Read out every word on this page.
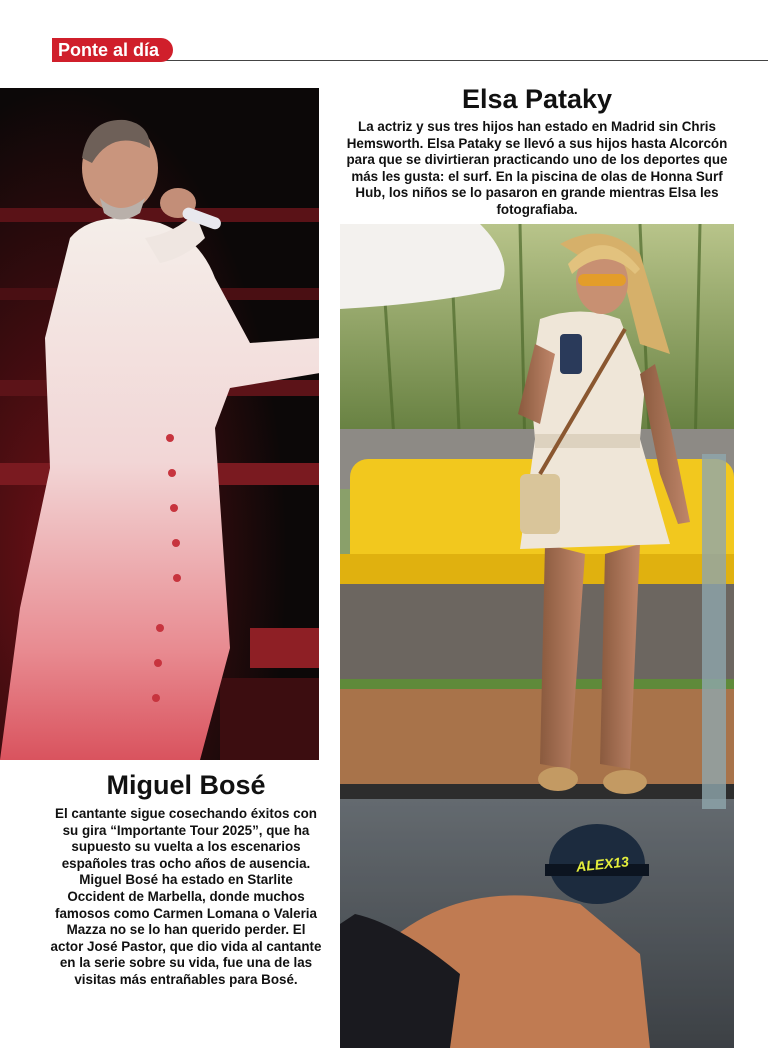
Ponte al día
Miguel Bosé

El cantante sigue cosechando éxitos con su gira “Importante Tour 2025”, que ha supuesto su vuelta a los escenarios españoles tras ocho años de ausencia. Miguel Bosé ha estado en Starlite Occident de Marbella, donde muchos famosos como Carmen Lomana o Valeria Mazza no se lo han querido perder. El actor José Pastor, que dio vida al cantante en la serie sobre su vida, fue una de las visitas más entrañables para Bosé.

Elsa Pataky

La actriz y sus tres hijos han estado en Madrid sin Chris Hemsworth. Elsa Pataky se llevó a sus hijos hasta Alcorcón para que se divirtieran practicando uno de los deportes que más les gusta: el surf. En la piscina de olas de Honna Surf Hub, los niños se lo pasaron en grande mientras Elsa les fotografiaba.

ALEX13
